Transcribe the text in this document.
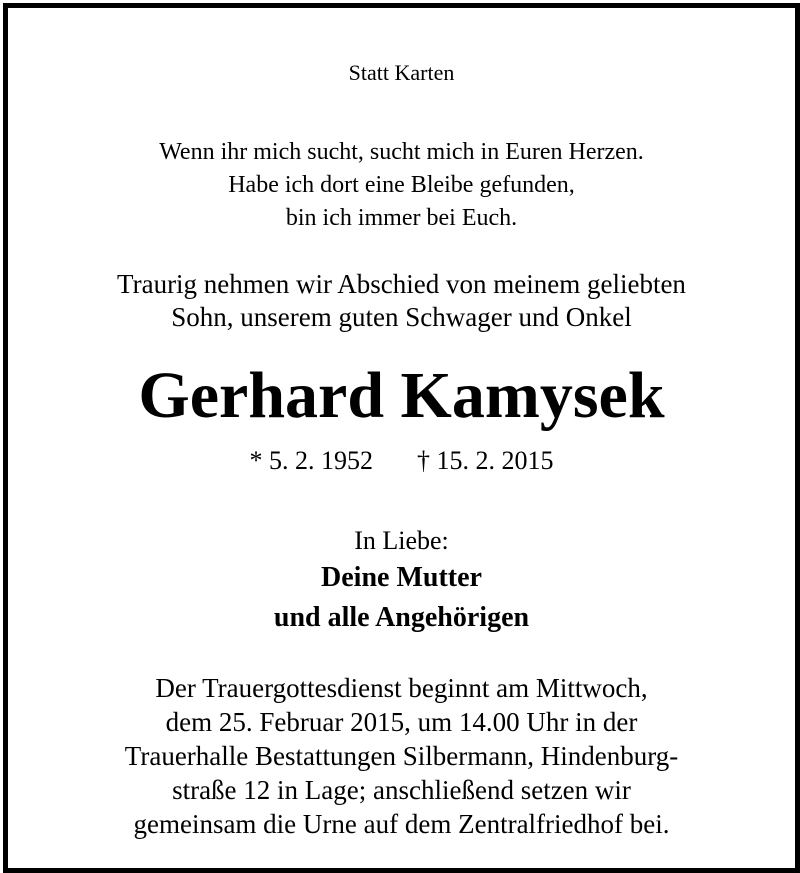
Statt Karten
Wenn ihr mich sucht, sucht mich in Euren Herzen.
Habe ich dort eine Bleibe gefunden,
bin ich immer bei Euch.
Traurig nehmen wir Abschied von meinem geliebten
Sohn, unserem guten Schwager und Onkel
Gerhard Kamysek
* 5. 2. 1952 † 15. 2. 2015
In Liebe:
Deine Mutter
und alle Angehörigen
Der Trauergottesdienst beginnt am Mittwoch,
dem 25. Februar 2015, um 14.00 Uhr in der
Trauerhalle Bestattungen Silbermann, Hindenburg-
straße 12 in Lage; anschließend setzen wir
gemeinsam die Urne auf dem Zentralfriedhof bei.
